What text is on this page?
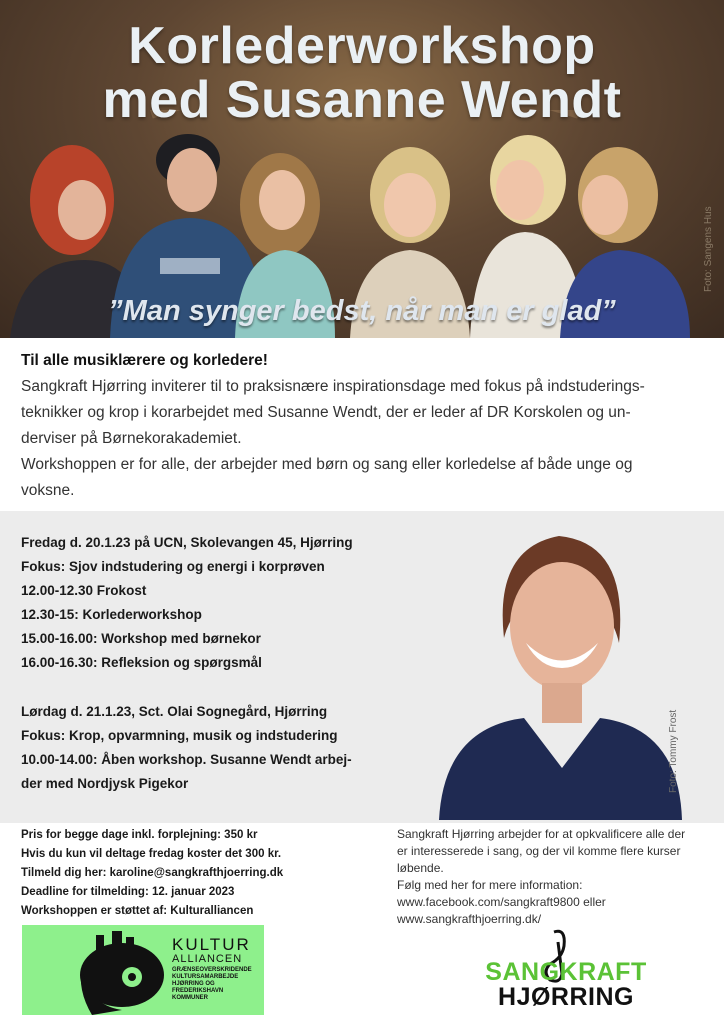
Korlederworkshop
med Susanne Wendt
”Man synger bedst, når man er glad”
Foto: Sangens Hus

Til alle musiklærere og korledere!

Sangkraft Hjørring inviterer til to praksisnære inspirationsdage med fokus på indstuderings-

teknikker og krop i korarbejdet med Susanne Wendt, der er leder af DR Korskolen og un-

derviser på Børnekorakademiet.

Workshoppen er for alle, der arbejder med børn og sang eller korledelse af både unge og

voksne.

Fredag d. 20.1.23 på UCN, Skolevangen 45, Hjørring
Fokus: Sjov indstudering og energi i korprøven
12.00-12.30 Frokost
12.30-15: Korlederworkshop
15.00-16.00: Workshop med børnekor
16.00-16.30: Refleksion og spørgsmål
Lørdag d. 21.1.23, Sct. Olai Sognegård, Hjørring
Fokus: Krop, opvarmning, musik og indstudering
10.00-14.00: Åben workshop. Susanne Wendt arbej-
der med Nordjysk Pigekor	Foto: Tommy Frost
Pris for begge dage inkl. forplejning: 350 kr
Hvis du kun vil deltage fredag koster det 300 kr.
Tilmeld dig her: karoline@sangkrafthjoerring.dk
Deadline for tilmelding: 12. januar 2023
Workshoppen er støttet af: Kulturalliancen

Sangkraft Hjørring arbejder for at opkvalificere alle der

er interesserede i sang, og der vil komme flere kurser

løbende.

Følg med her for mere information:

www.facebook.com/sangkraft9800 eller

www.sangkrafthjoerring.dk/

KULTUR
ALLIANCEN
GRÆNSEOVERSKRIDENDE
KULTURSAMARBEJDE
HJØRRING OG
FREDERIKSHAVN
KOMMUNER
SANGKRAFT
HJØRRING
